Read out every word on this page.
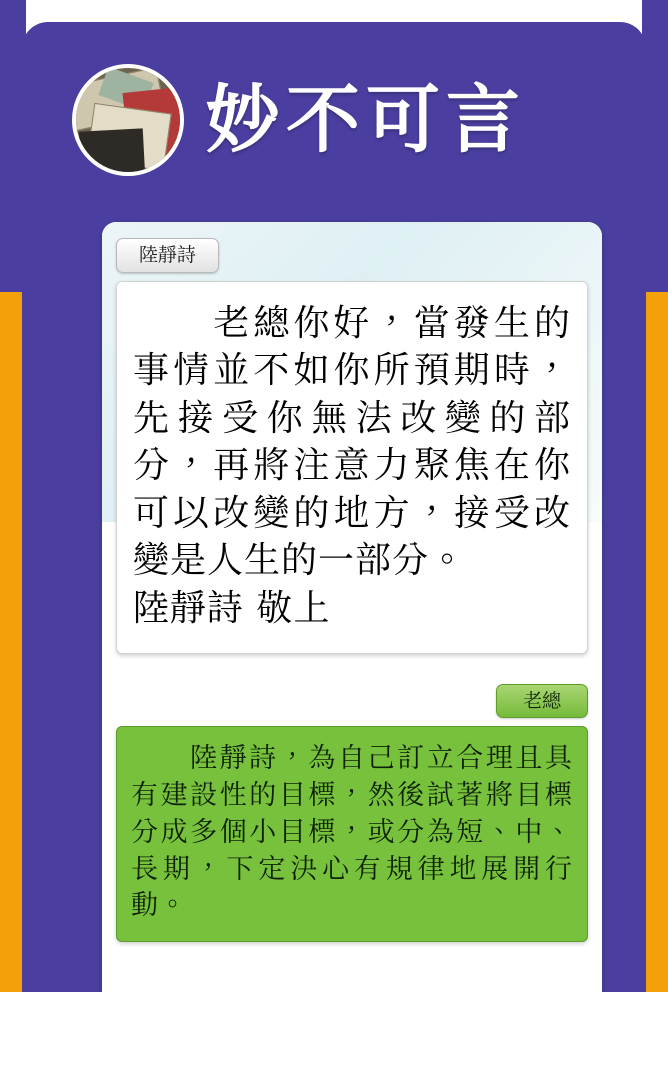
妙不可言
陸靜詩
　　老總你好，當發生的事情並不如你所預期時，先接受你無法改變的部分，再將注意力聚焦在你可以改變的地方，接受改變是人生的一部分。
陸靜詩 敬上
老總
　　陸靜詩，為自己訂立合理且具有建設性的目標，然後試著將目標分成多個小目標，或分為短、中、長期，下定決心有規律地展開行動。
